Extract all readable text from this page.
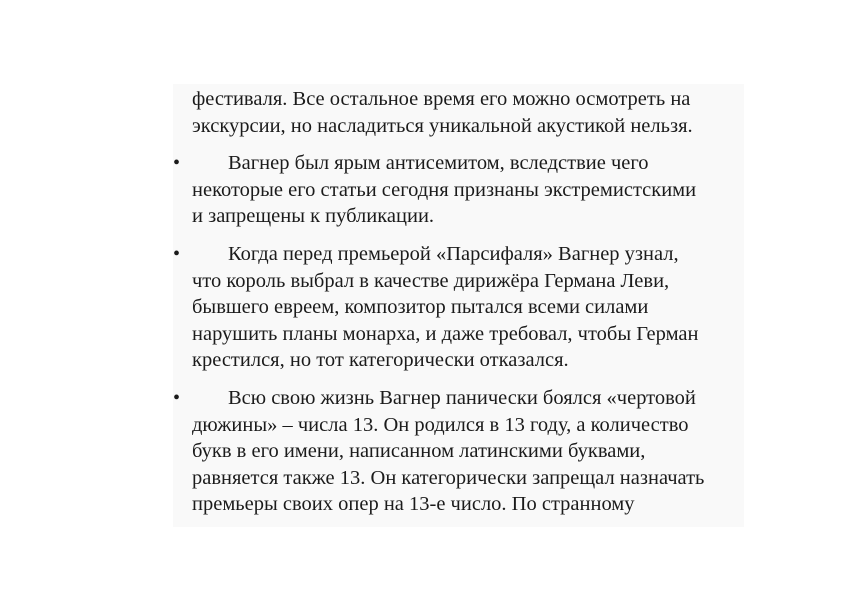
фестиваля. Все остальное время его можно осмотреть на
экскурсии, но насладиться уникальной акустикой нельзя.

• Вагнер был ярым антисемитом, вследствие чего
некоторые его статьи сегодня признаны экстремистскими
и запрещены к публикации.

• Когда перед премьерой «Парсифаля» Вагнер узнал,
что король выбрал в качестве дирижёра Германа Леви,
бывшего евреем, композитор пытался всеми силами
нарушить планы монарха, и даже требовал, чтобы Герман
крестился, но тот категорически отказался.

• Всю свою жизнь Вагнер панически боялся «чертовой
дюжины» – числа 13. Он родился в 13 году, а количество
букв в его имени, написанном латинскими буквами,
равняется также 13. Он категорически запрещал назначать
премьеры своих опер на 13-е число. По странному
